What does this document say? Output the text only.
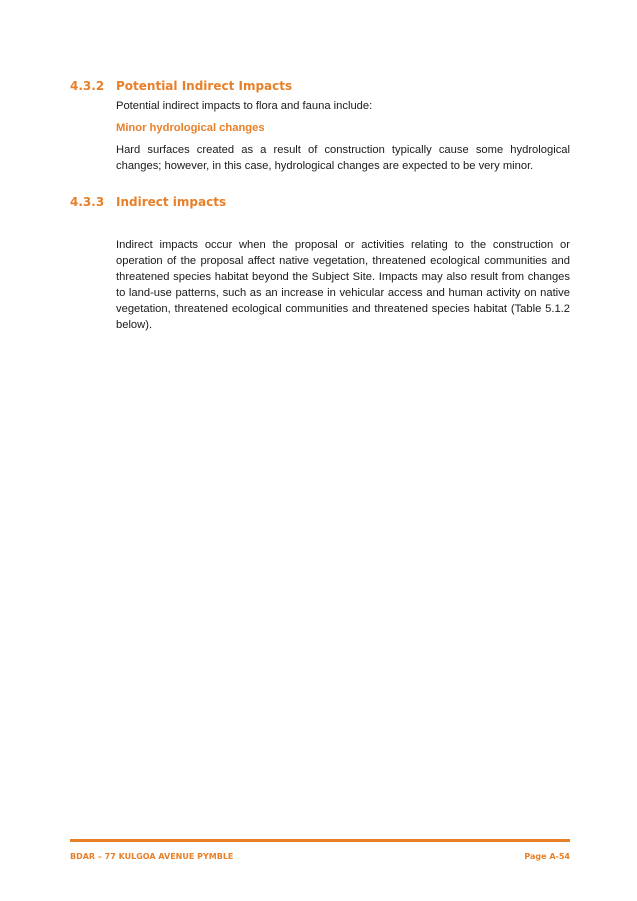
4.3.2 Potential Indirect Impacts

Potential indirect impacts to flora and fauna include:

Minor hydrological changes

Hard surfaces created as a result of construction typically cause some hydrological changes; however, in this case, hydrological changes are expected to be very minor.

4.3.3 Indirect impacts

Indirect impacts occur when the proposal or activities relating to the construction or operation of the proposal affect native vegetation, threatened ecological communities and threatened species habitat beyond the Subject Site. Impacts may also result from changes to land-use patterns, such as an increase in vehicular access and human activity on native vegetation, threatened ecological communities and threatened species habitat (Table 5.1.2 below).

BDAR – 77 KULGOA AVENUE PYMBLE	Page A-54
